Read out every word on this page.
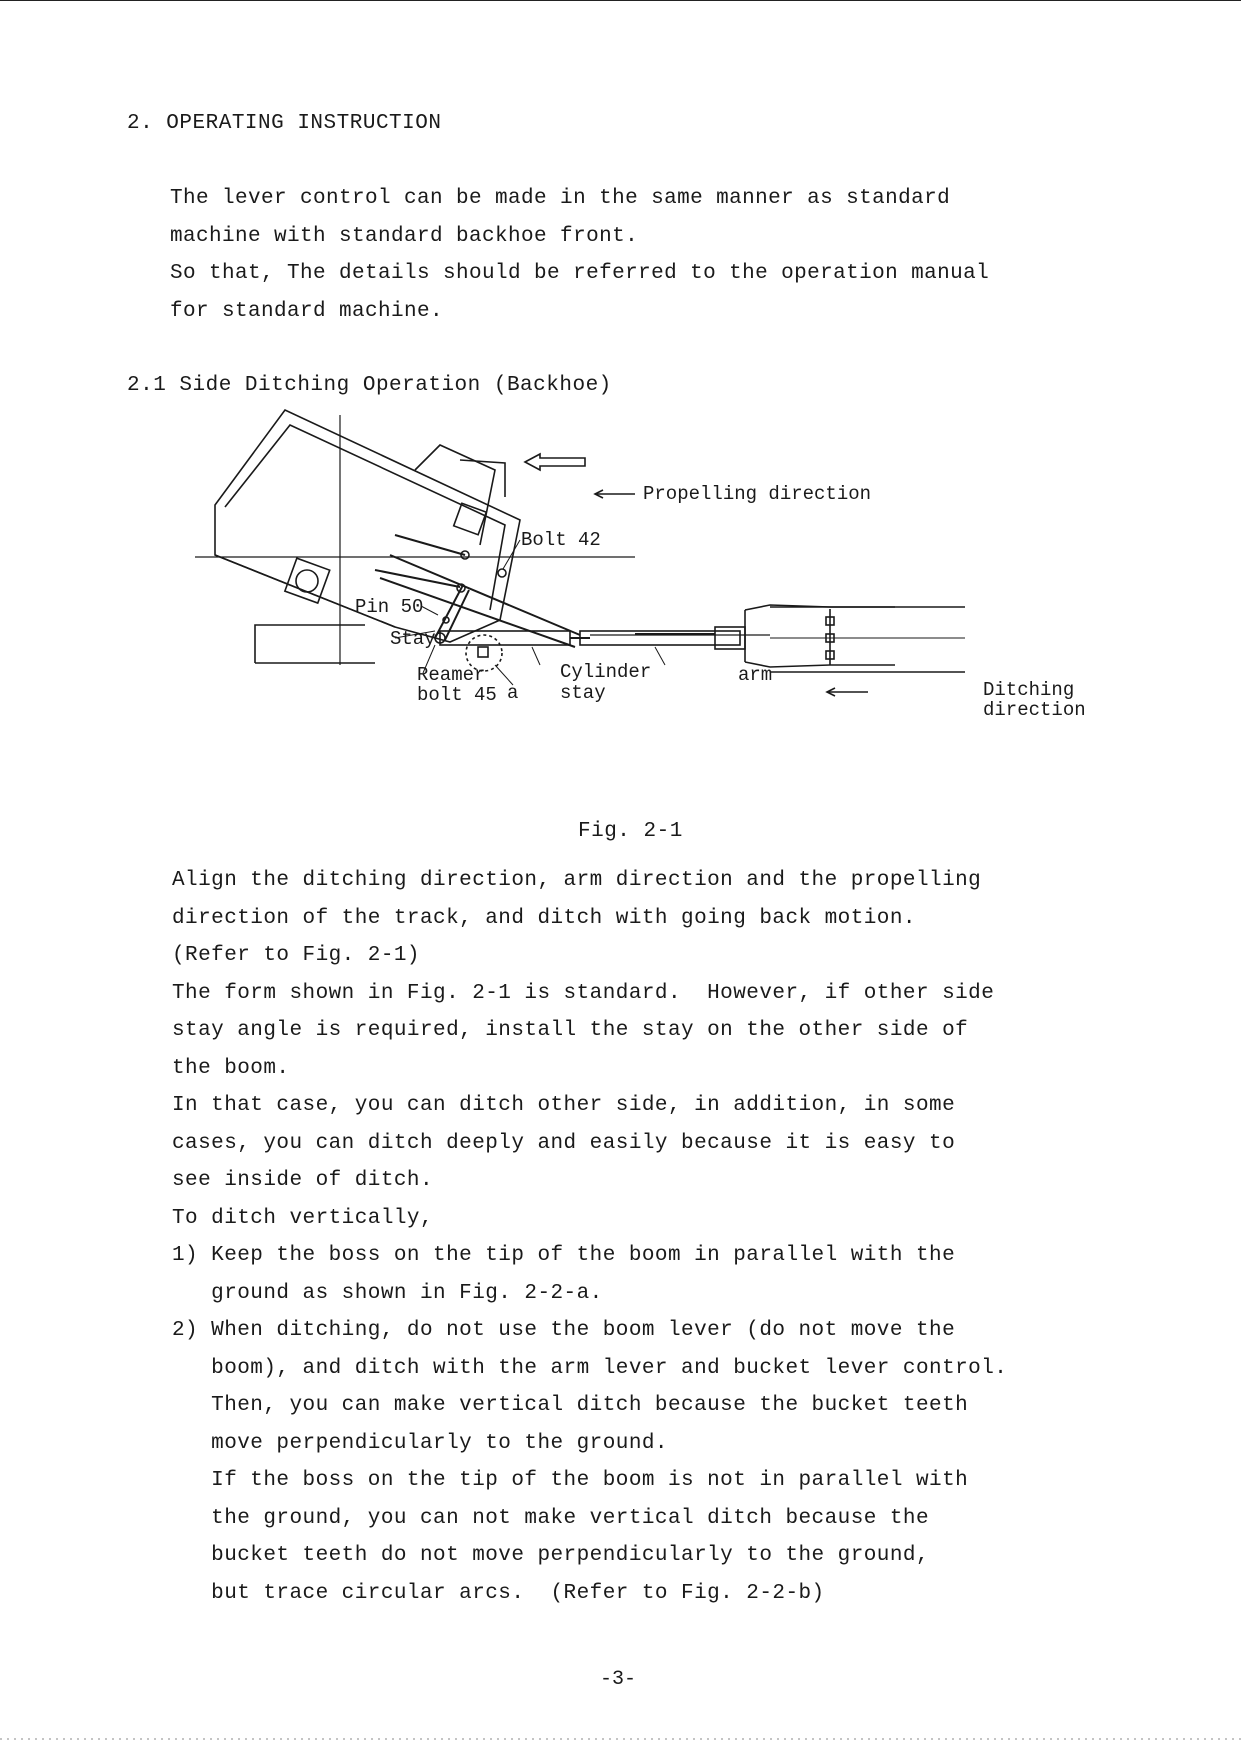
2. OPERATING INSTRUCTION
The lever control can be made in the same manner as standard
machine with standard backhoe front.
So that, The details should be referred to the operation manual
for standard machine.
2.1 Side Ditching Operation (Backhoe)
Propelling direction
Bolt 42
Pin 50
Stay
Reamer
bolt 45
Cylinder
stay
a
arm
Ditching
direction
Fig. 2-1
Align the ditching direction, arm direction and the propelling
direction of the track, and ditch with going back motion.
(Refer to Fig. 2-1)
The form shown in Fig. 2-1 is standard.  However, if other side
stay angle is required, install the stay on the other side of
the boom.
In that case, you can ditch other side, in addition, in some
cases, you can ditch deeply and easily because it is easy to
see inside of ditch.
To ditch vertically,
1) Keep the boss on the tip of the boom in parallel with the
ground as shown in Fig. 2-2-a.
2) When ditching, do not use the boom lever (do not move the
boom), and ditch with the arm lever and bucket lever control.
Then, you can make vertical ditch because the bucket teeth
move perpendicularly to the ground.
If the boss on the tip of the boom is not in parallel with
the ground, you can not make vertical ditch because the
bucket teeth do not move perpendicularly to the ground,
but trace circular arcs.  (Refer to Fig. 2-2-b)
-3-
